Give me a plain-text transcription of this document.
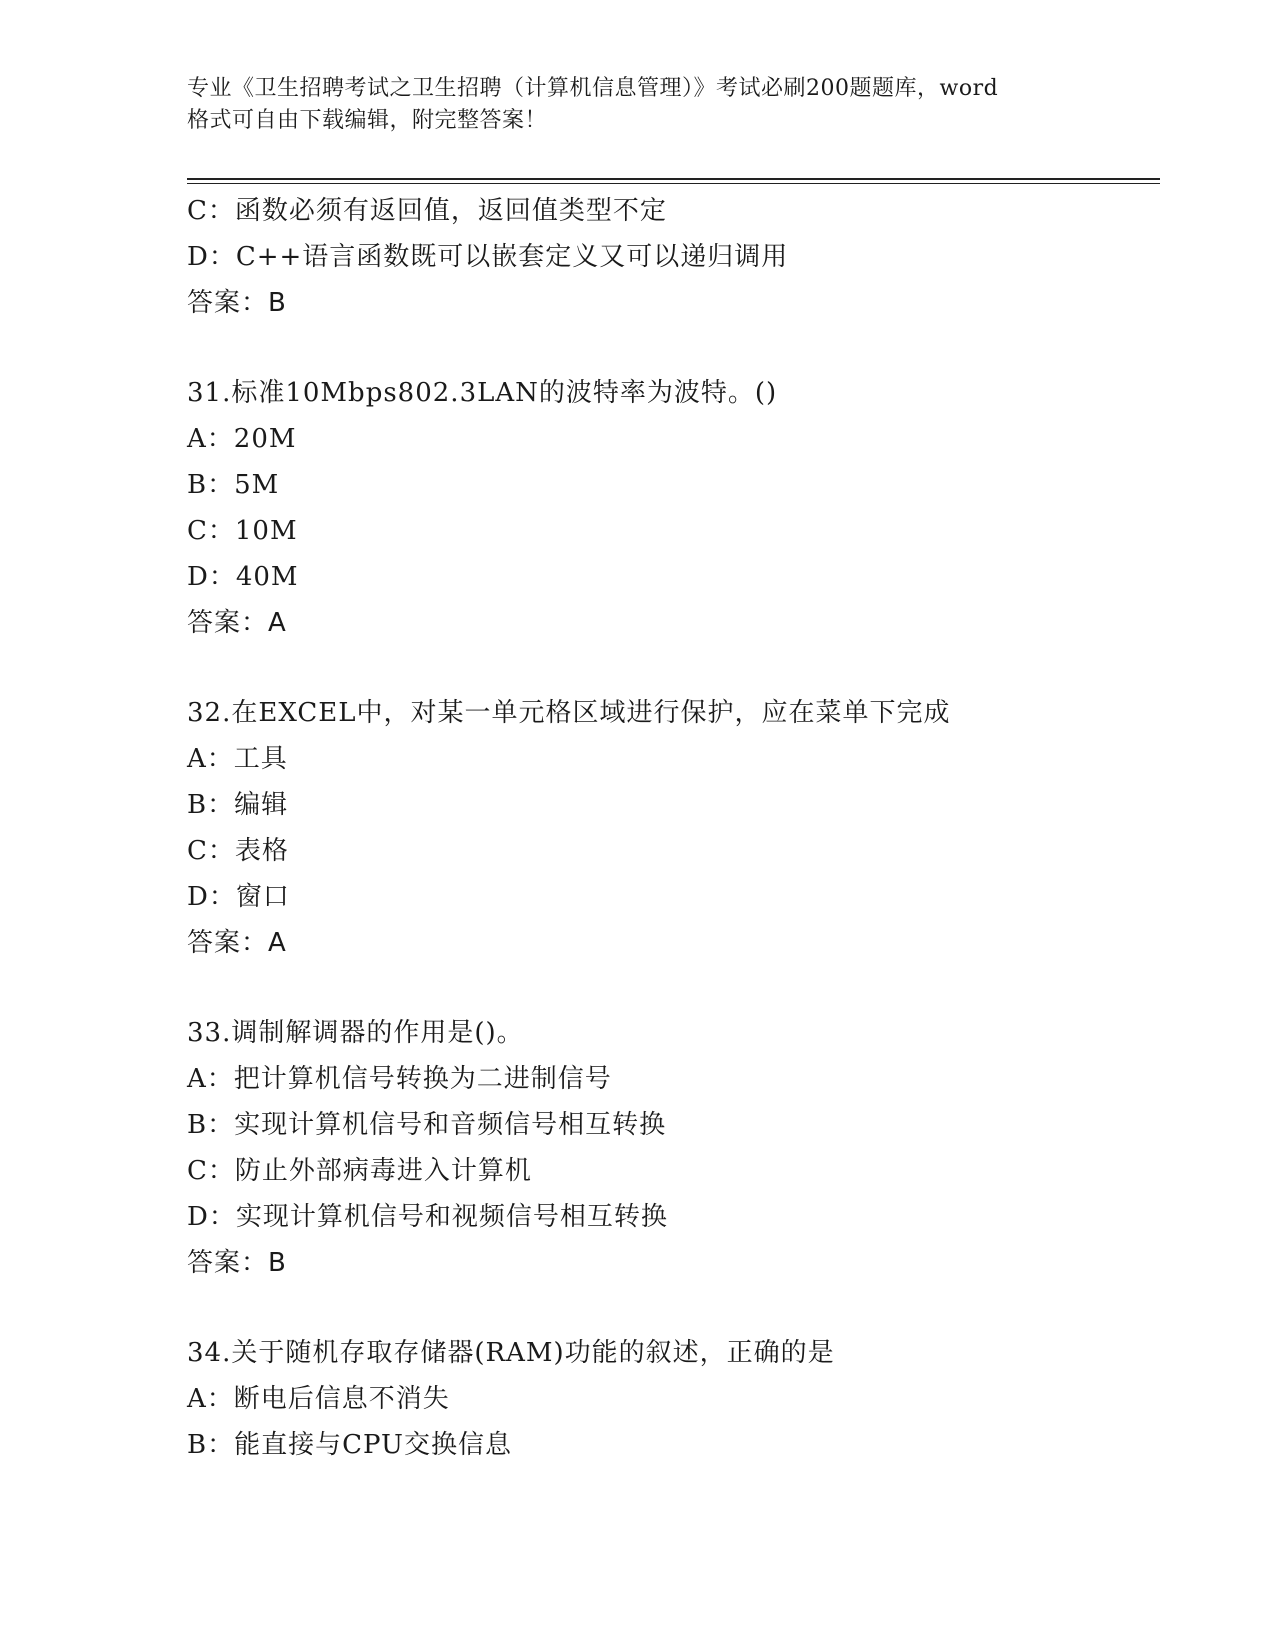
专业《卫生招聘考试之卫生招聘（计算机信息管理）》考试必刷200题题库，word

格式可自由下载编辑，附完整答案！

C：函数必须有返回值，返回值类型不定
D：C++语言函数既可以嵌套定义又可以递归调用
答案：B
31.标准10Mbps802.3LAN的波特率为波特。()
A：20M
B：5M
C：10M
D：40M
答案：A
32.在EXCEL中，对某一单元格区域进行保护，应在菜单下完成
A：工具
B：编辑
C：表格
D：窗口
答案：A
33.调制解调器的作用是()。
A：把计算机信号转换为二进制信号
B：实现计算机信号和音频信号相互转换
C：防止外部病毒进入计算机
D：实现计算机信号和视频信号相互转换
答案：B
34.关于随机存取存储器(RAM)功能的叙述，正确的是
A：断电后信息不消失
B：能直接与CPU交换信息
